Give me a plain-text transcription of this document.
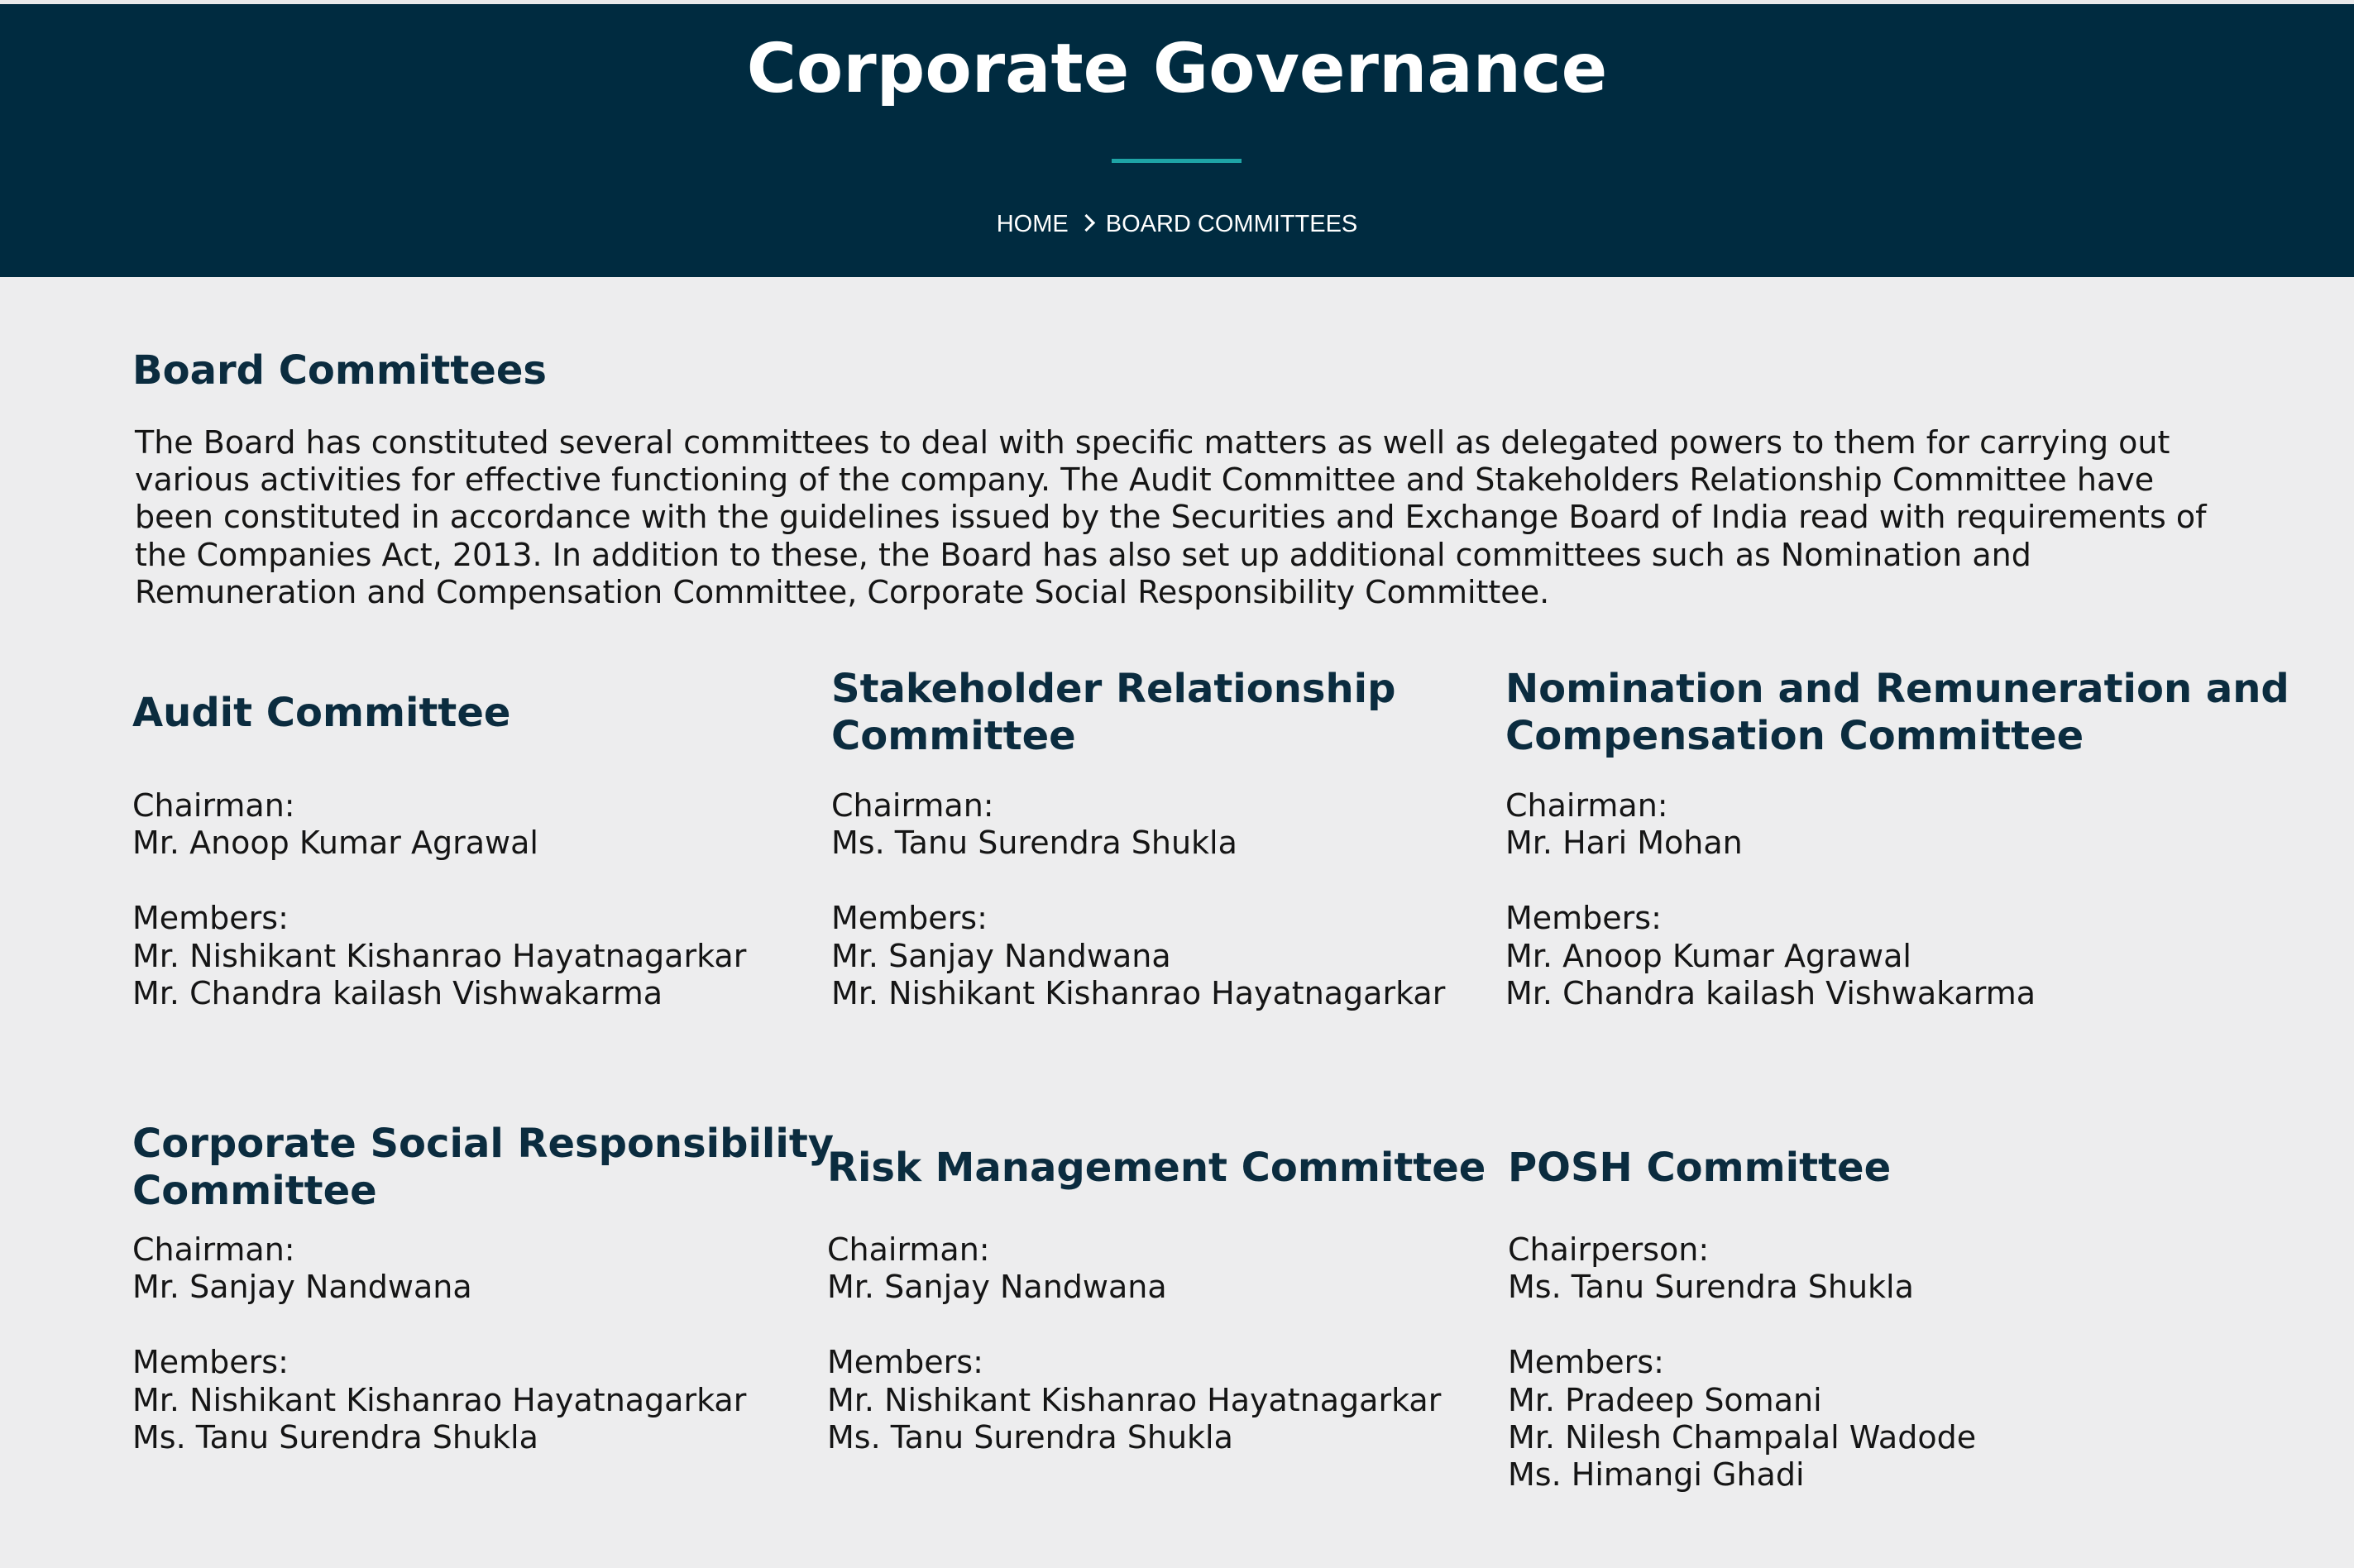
Corporate Governance
HOME BOARD COMMITTEES
Board Committees

The Board has constituted several committees to deal with specific matters as well as delegated powers to them for carrying out various activities for effective functioning of the company. The Audit Committee and Stakeholders Relationship Committee have been constituted in accordance with the guidelines issued by the Securities and Exchange Board of India read with requirements of the Companies Act, 2013. In addition to these, the Board has also set up additional committees such as Nomination and Remuneration and Compensation Committee, Corporate Social Responsibility Committee.

Audit Committee
Chairman:
Mr. Anoop Kumar Agrawal
Members:
Mr. Nishikant Kishanrao Hayatnagarkar
Mr. Chandra kailash Vishwakarma
Stakeholder Relationship Committee
Chairman:
Ms. Tanu Surendra Shukla
Members:
Mr. Sanjay Nandwana
Mr. Nishikant Kishanrao Hayatnagarkar
Nomination and Remuneration and Compensation Committee
Chairman:
Mr. Hari Mohan
Members:
Mr. Anoop Kumar Agrawal
Mr. Chandra kailash Vishwakarma
Corporate Social Responsibility Committee
Chairman:
Mr. Sanjay Nandwana
Members:
Mr. Nishikant Kishanrao Hayatnagarkar
Ms. Tanu Surendra Shukla
Risk Management Committee
Chairman:
Mr. Sanjay Nandwana
Members:
Mr. Nishikant Kishanrao Hayatnagarkar
Ms. Tanu Surendra Shukla
POSH Committee
Chairperson:
Ms. Tanu Surendra Shukla
Members:
Mr. Pradeep Somani
Mr. Nilesh Champalal Wadode
Ms. Himangi Ghadi
